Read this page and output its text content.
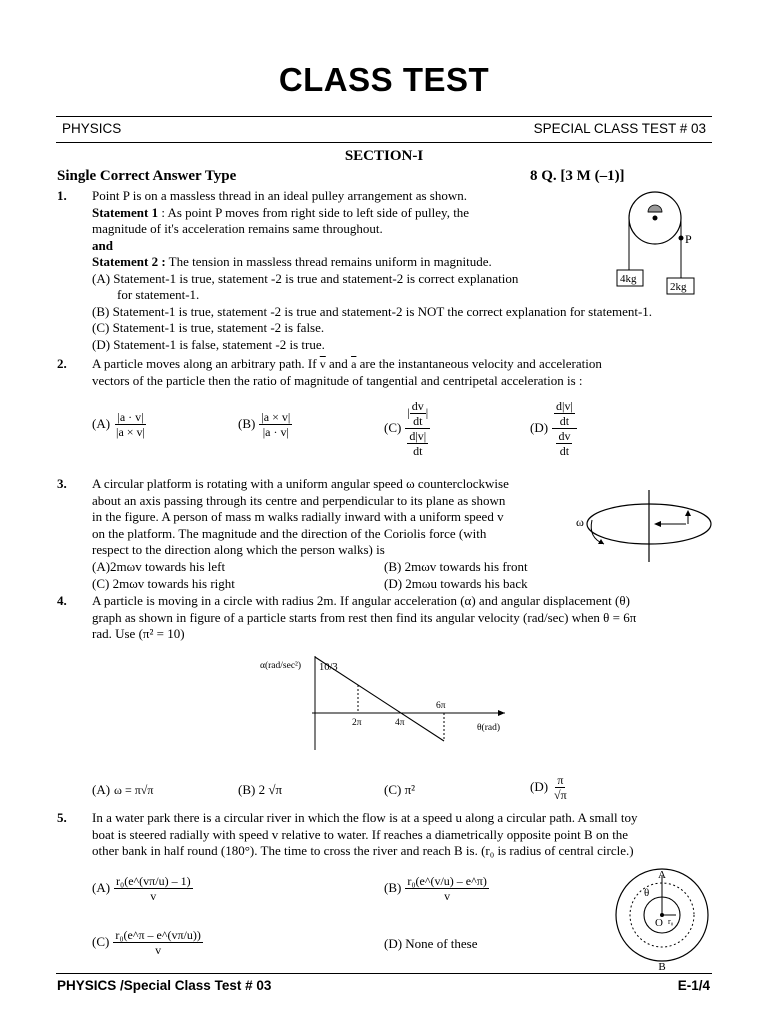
CLASS TEST
PHYSICS	SPECIAL CLASS TEST # 03
SECTION-I
Single Correct Answer Type	8 Q. [3 M (–1)]
1. Point P is on a massless thread in an ideal pulley arrangement as shown.
Statement 1 : As point P moves from right side to left side of pulley, the
magnitude of it's acceleration remains same throughout.
and
Statement 2 : The tension in massless thread remains uniform in magnitude.
(A) Statement-1 is true, statement -2 is true and statement-2 is correct explanation
for statement-1.
(B) Statement-1 is true, statement -2 is true and statement-2 is NOT the correct explanation for statement-1.
(C) Statement-1 is true, statement -2 is false.
(D) Statement-1 is false, statement -2 is true.
P
4kg
2kg
2. A particle moves along an arbitrary path. If $\overline{v}$ and $\overline{a}$ are the instantaneous velocity and acceleration
vectors of the particle then the ratio of magnitude of tangential and centripetal acceleration is :
$(A) \frac{|a \cdot v|}{|a \times v|}$	$(B) \frac{|a \times v|}{|a \cdot v|}$	$(C) \frac{| \frac{dv}{dt} |}{\frac{d|v|}{dt}}$	$(D) \frac{\frac{d|v|}{dt}}{\frac{dv}{dt}}$
3. A circular platform is rotating with a uniform angular speed ω counterclockwise
about an axis passing through its centre and perpendicular to its plane as shown
in the figure. A person of mass m walks radially inward with a uniform speed v
on the platform. The magnitude and the direction of the Coriolis force (with
respect to the direction along which the person walks) is
(A)2mωv towards his left	(B) 2mωv towards his front
(C) 2mωv towards his right	(D) 2mωu towards his back
ω
4. A particle is moving in a circle with radius 2m. If angular acceleration (α) and angular displacement (θ)
graph as shown in figure of a particle starts from rest then find its angular velocity (rad/sec) when θ = 6π
rad. Use (π² = 10)
α(rad/sec²) 10/3
θ(rad)
2π	4π
6π
(A) ω = π√π	(B) 2 √π	(C) π²	$(D) \frac{\pi}{√\pi}$
5. In a water park there is a circular river in which the flow is at a speed u along a circular path. A small toy
boat is steered radially with speed v relative to water. If reaches a diametrically opposite point B on the
other bank in half round (180°). The time to cross the river and reach B is. (r₀ is radius of central circle.)
$(A) \frac{\text{r₀(e\textasciicircum{}(vπ/u) – 1)}}{v}$	$(B) \frac{\text{r₀(e\textasciicircum{}(v/u) – e\textasciicircum{}π)}}{v}$
$(C) \frac{\text{r₀(e\textasciicircum{}π – e\textasciicircum{}(vπ/u))}}{v}$	(D) None of these
A
B
O
θ
r₀
PHYSICS /Special Class Test # 03	E-1/4
